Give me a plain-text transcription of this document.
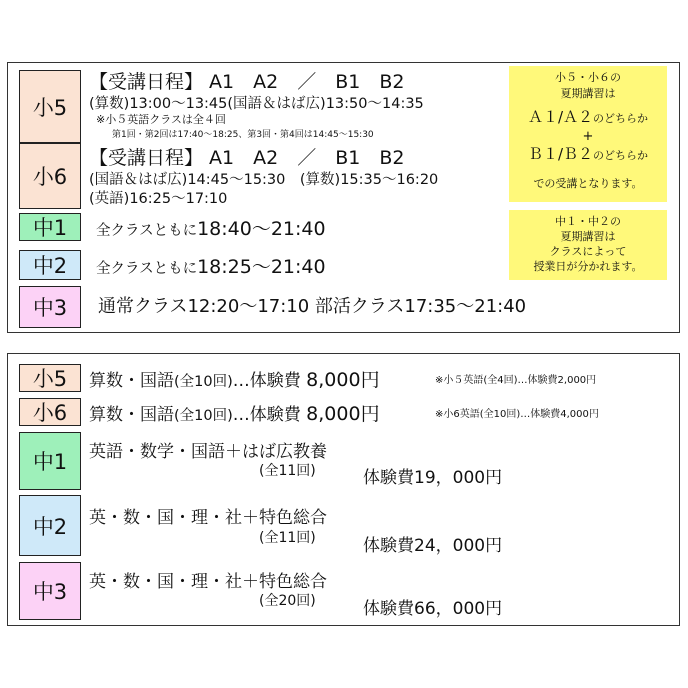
小5
【受講日程】 A1　A2　／　B1　B2
(算数)13:00～13:45(国語＆はば広)13:50～14:35
※小５英語クラスは全４回
第1回・第2回は17:40～18:25、第3回・第4回は14:45～15:30
小6
【受講日程】 A1　A2　／　B1　B2
(国語＆はば広)14:45～15:30　(算数)15:35～16:20
(英語)16:25～17:10
中1	全クラスともに18:40～21:40
中2	全クラスともに18:25～21:40
中3	通常クラス12:20～17:10 部活クラス17:35～21:40
小５・小６の
夏期講習は
Ａ１/Ａ２のどちらか
+
Ｂ１/Ｂ２のどちらか
での受講となります。
中１・中２の
夏期講習は
クラスによって
授業日が分かれます。
小5	算数・国語(全10回)…体験費 8,000円	※小５英語(全4回)…体験費2,000円
小6	算数・国語(全10回)…体験費 8,000円	※小6英語(全10回)…体験費4,000円
中1	英語・数学・国語＋はば広教養
(全11回)	体験費19，000円
中2	英・数・国・理・社＋特色総合
(全11回)	体験費24，000円
中3	英・数・国・理・社＋特色総合
(全20回)	体験費66，000円
